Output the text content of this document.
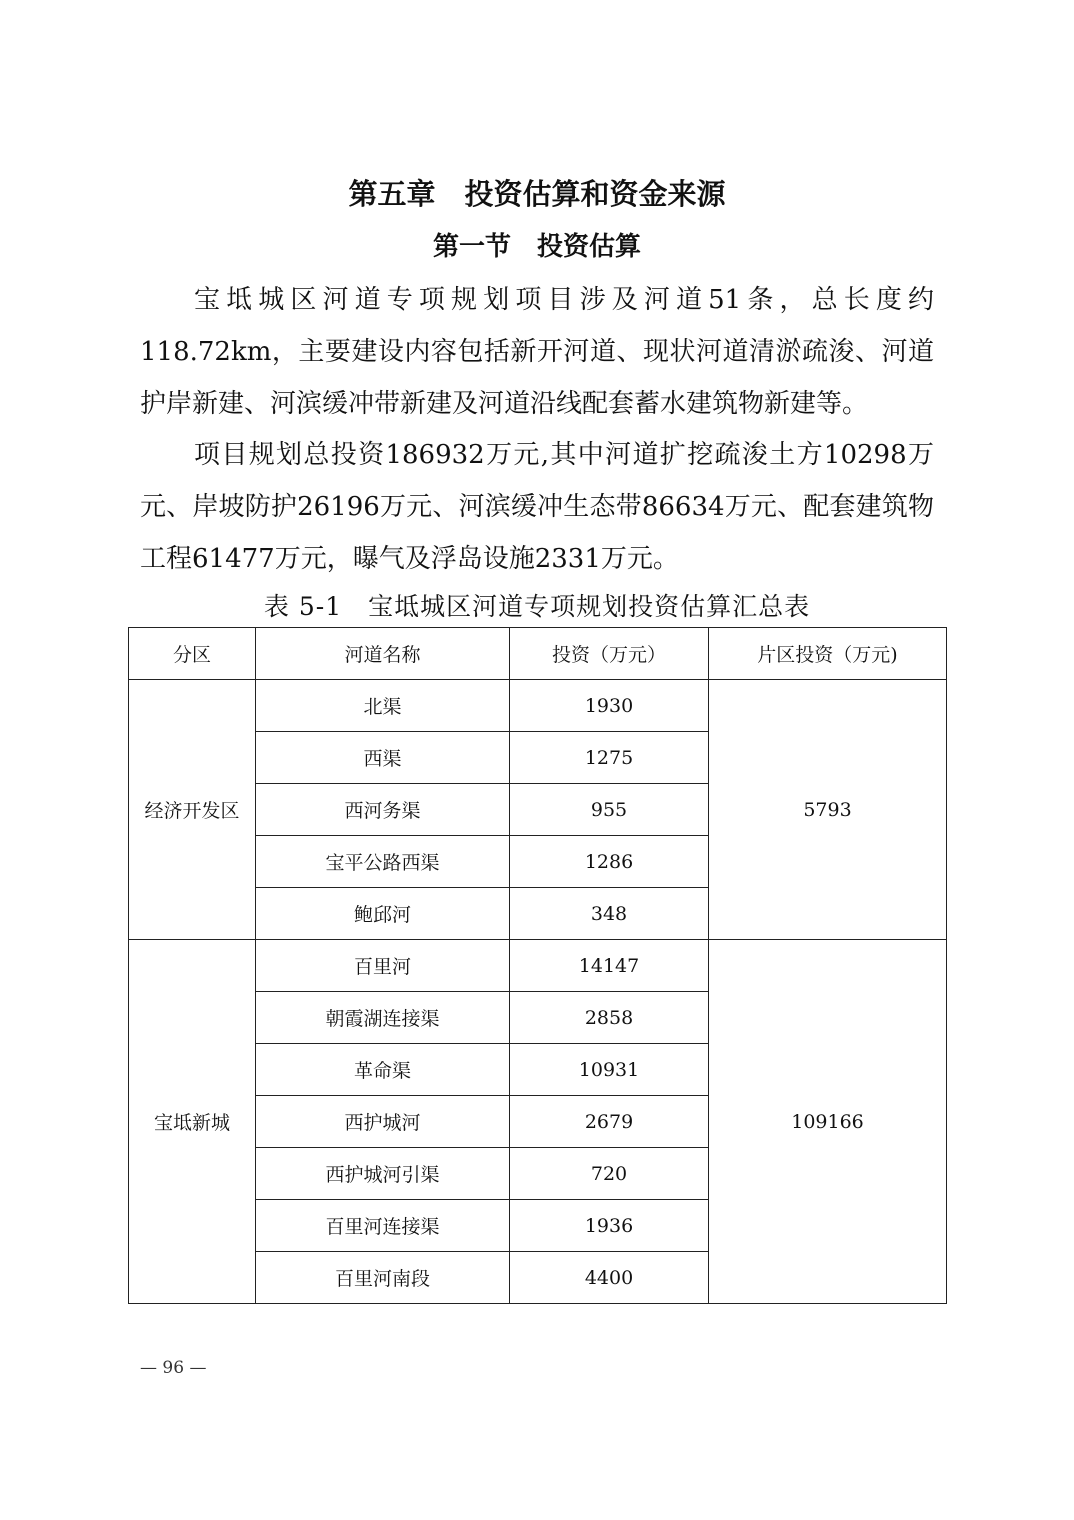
第五章　投资估算和资金来源
第一节　投资估算

宝坻城区河道专项规划项目涉及河道51条，总长度约118.72km，主要建设内容包括新开河道、现状河道清淤疏浚、河道护岸新建、河滨缓冲带新建及河道沿线配套蓄水建筑物新建等。

项目规划总投资186932万元,其中河道扩挖疏浚土方10298万元、岸坡防护26196万元、河滨缓冲生态带86634万元、配套建筑物工程61477万元，曝气及浮岛设施2331万元。

表 5-1　宝坻城区河道专项规划投资估算汇总表
分区	河道名称	投资（万元）	片区投资（万元)
经济开发区	北渠	1930	5793
	西渠	1275	
	西河务渠	955	
	宝平公路西渠	1286	
	鲍邱河	348	
宝坻新城	百里河	14147	109166
	朝霞湖连接渠	2858	
	革命渠	10931	
	西护城河	2679	
	西护城河引渠	720	
	百里河连接渠	1936	
	百里河南段	4400	
— 96 —
